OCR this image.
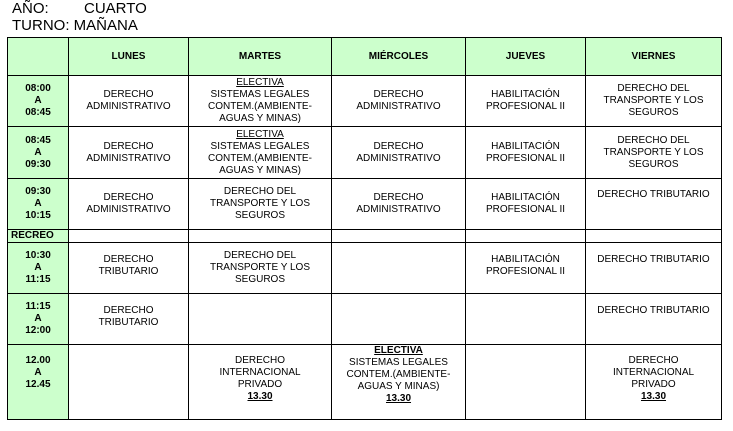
AÑO: CUARTO
TURNO: MAÑANA
	LUNES	MARTES	MIÉRCOLES	JUEVES	VIERNES
08:00
A
08:45	DERECHO
ADMINISTRATIVO	ELECTIVA
SISTEMAS LEGALES
CONTEM.(AMBIENTE-
AGUAS Y MINAS)	DERECHO
ADMINISTRATIVO	HABILITACIÓN
PROFESIONAL II	DERECHO DEL
TRANSPORTE Y LOS
SEGUROS

08:45
A
09:30	DERECHO
ADMINISTRATIVO	ELECTIVA
SISTEMAS LEGALES
CONTEM.(AMBIENTE-
AGUAS Y MINAS)	DERECHO
ADMINISTRATIVO	HABILITACIÓN
PROFESIONAL II	DERECHO DEL
TRANSPORTE Y LOS
SEGUROS

09:30
A
10:15	DERECHO
ADMINISTRATIVO	DERECHO DEL
TRANSPORTE Y LOS
SEGUROS	DERECHO
ADMINISTRATIVO	HABILITACIÓN
PROFESIONAL II	DERECHO TRIBUTARIO

RECREO					
10:30
A
11:15	DERECHO
TRIBUTARIO	DERECHO DEL
TRANSPORTE Y LOS
SEGUROS		HABILITACIÓN
PROFESIONAL II	DERECHO TRIBUTARIO

11:15
A
12:00	DERECHO
TRIBUTARIO				DERECHO TRIBUTARIO

12.00
A
12.45		DERECHO
INTERNACIONAL
PRIVADO
13.30	ELECTIVA
SISTEMAS LEGALES
CONTEM.(AMBIENTE-
AGUAS Y MINAS)
13.30		DERECHO
INTERNACIONAL
PRIVADO
13.30
